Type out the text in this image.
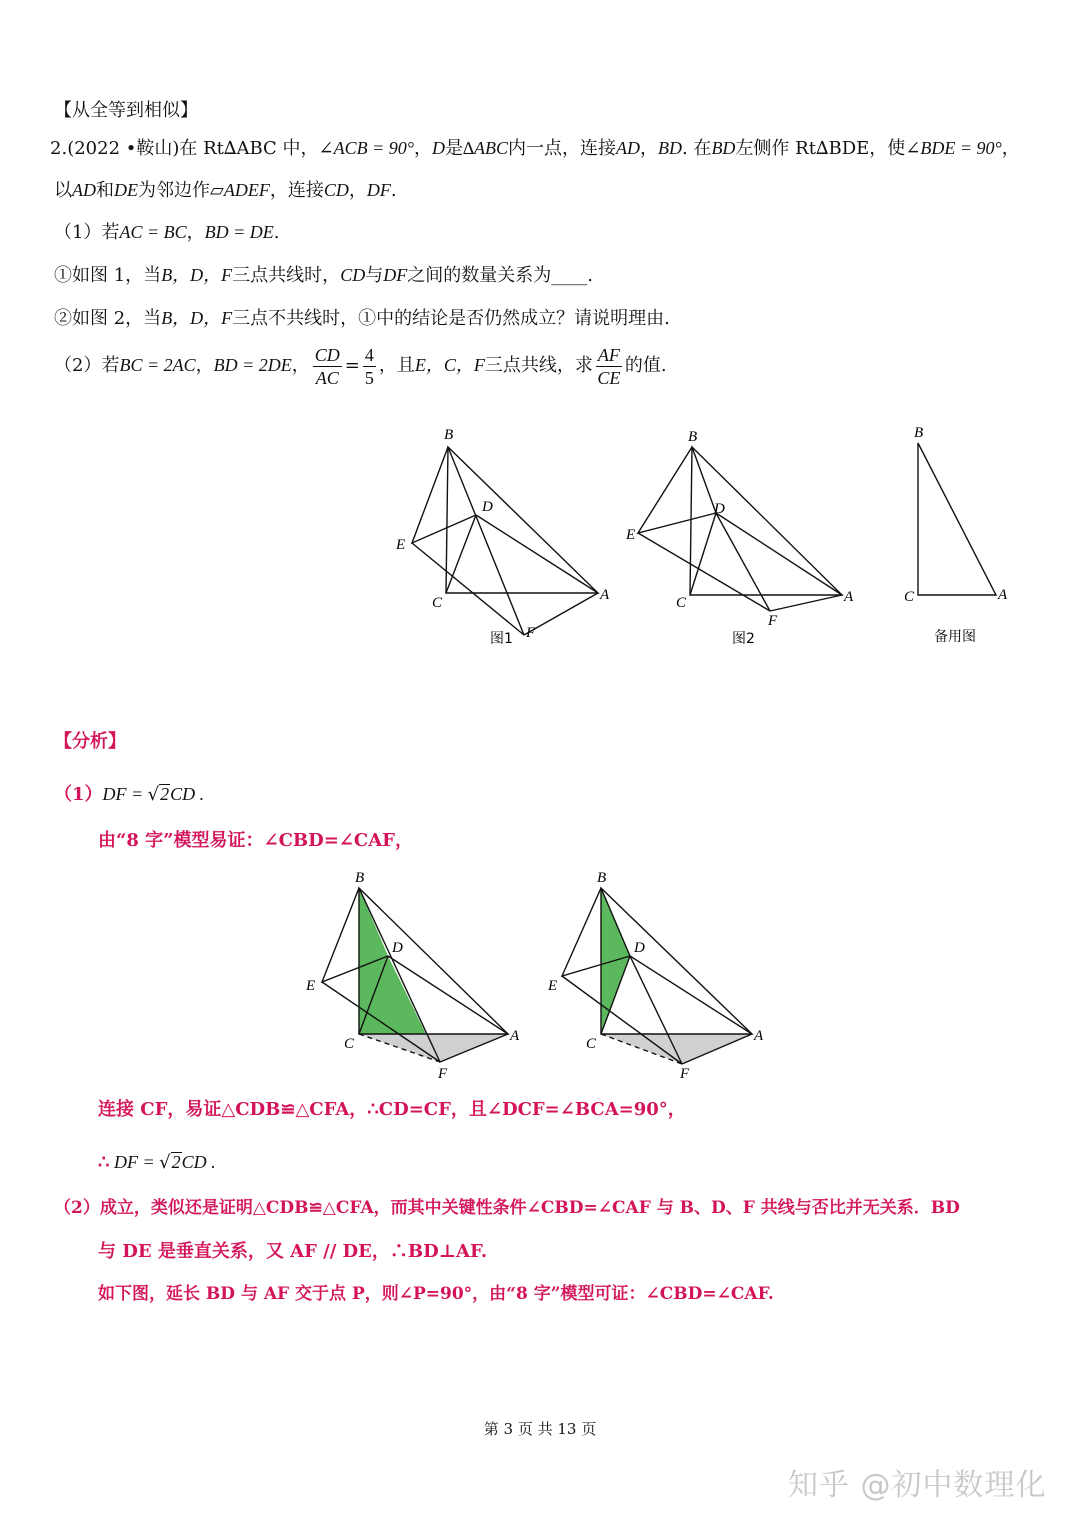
【从全等到相似】
2.(2022 •鞍山)在 Rt∆ABC 中，∠ACB = 90°，D是∆ABC内一点，连接AD，BD. 在BD左侧作 Rt∆BDE，使∠BDE = 90°，
以AD和DE为邻边作▱ADEF，连接CD，DF.
（1）若AC = BC，BD = DE.
①如图 1，当B，D，F三点共线时，CD与DF之间的数量关系为____.
②如图 2，当B，D，F三点不共线时，①中的结论是否仍然成立？请说明理由.
（2）若BC = 2AC，BD = 2DE， $\frac{CD}{AC} = \frac{4}{5}$ ，且E，C，F三点共线，求 $\frac{AF}{CE}$ 的值.
B
D
E
C	A
F
图1
B
D
E
C	A
F
图2
B
C	A
备用图
【分析】
（1）DF = √2CD .
由“8 字”模型易证：∠CBD=∠CAF，
B
D
E
C	A
F
B
D
E
C	A
F
连接 CF，易证△CDB≌△CFA，∴CD=CF，且∠DCF=∠BCA=90°，
∴ DF = √2CD .
（2）成立，类似还是证明△CDB≌△CFA，而其中关键性条件∠CBD=∠CAF 与 B、D、F 共线与否比并无关系．BD
与 DE 是垂直关系，又 AF // DE，∴BD⊥AF.
如下图，延长 BD 与 AF 交于点 P，则∠P=90°，由“8 字”模型可证：∠CBD=∠CAF.
第 3 页 共 13 页
知乎 @初中数理化
